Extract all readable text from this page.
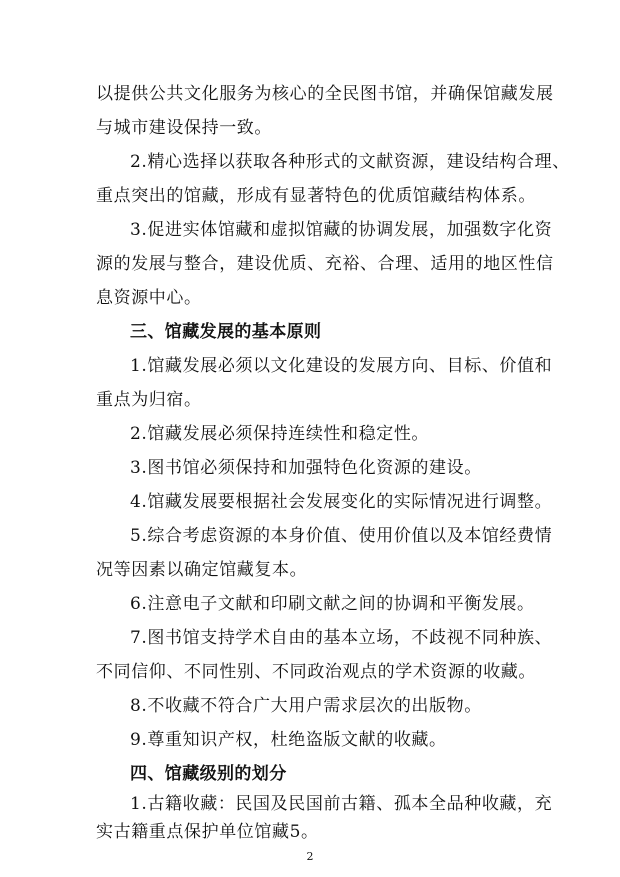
以提供公共文化服务为核心的全民图书馆，并确保馆藏发展
与城市建设保持一致。
2.精心选择以获取各种形式的文献资源，建设结构合理、
重点突出的馆藏，形成有显著特色的优质馆藏结构体系。
3.促进实体馆藏和虚拟馆藏的协调发展，加强数字化资
源的发展与整合，建设优质、充裕、合理、适用的地区性信
息资源中心。
三、馆藏发展的基本原则
1.馆藏发展必须以文化建设的发展方向、目标、价值和
重点为归宿。
2.馆藏发展必须保持连续性和稳定性。
3.图书馆必须保持和加强特色化资源的建设。
4.馆藏发展要根据社会发展变化的实际情况进行调整。
5.综合考虑资源的本身价值、使用价值以及本馆经费情
况等因素以确定馆藏复本。
6.注意电子文献和印刷文献之间的协调和平衡发展。
7.图书馆支持学术自由的基本立场，不歧视不同种族、
不同信仰、不同性别、不同政治观点的学术资源的收藏。
8.不收藏不符合广大用户需求层次的出版物。
9.尊重知识产权，杜绝盗版文献的收藏。
四、馆藏级别的划分
1.古籍收藏：民国及民国前古籍、孤本全品种收藏，充
实古籍重点保护单位馆藏5。
2
